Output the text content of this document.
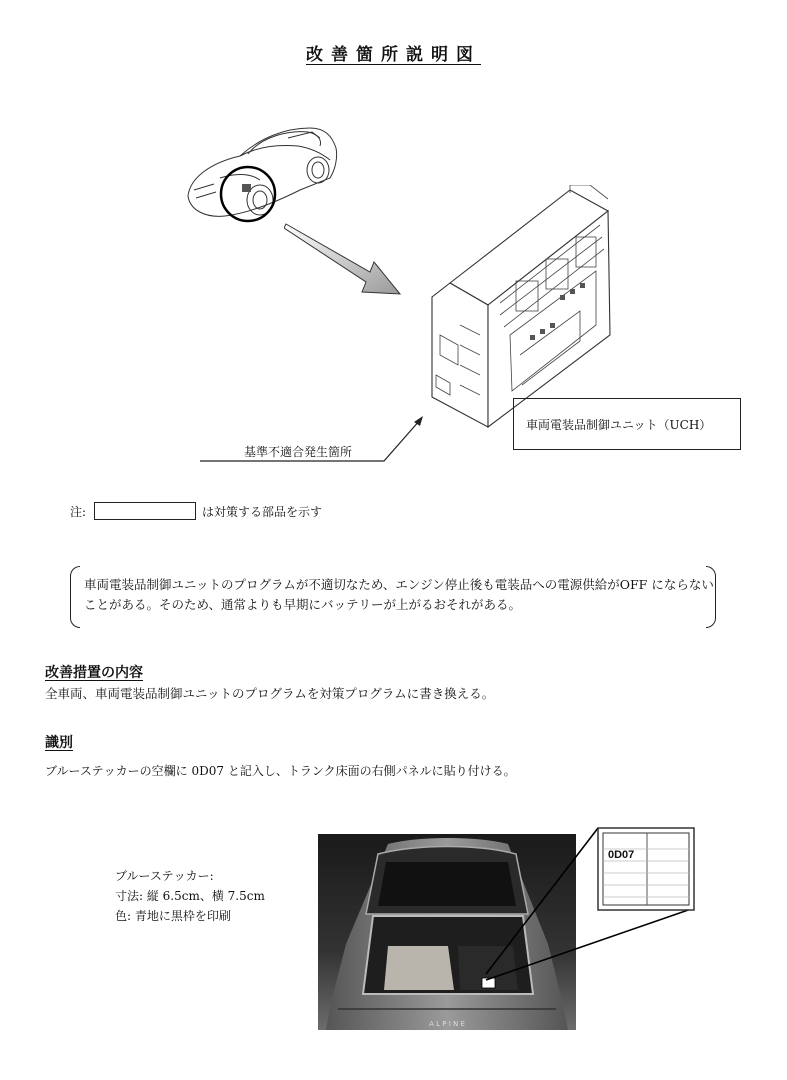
改善箇所説明図
基準不適合発生箇所
車両電装品制御ユニット（UCH）
注:	は対策する部品を示す
車両電装品制御ユニットのプログラムが不適切なため、エンジン停止後も電装品への電源供給がOFF にならないことがある。そのため、通常よりも早期にバッテリーが上がるおそれがある。
改善措置の内容
全車両、車両電装品制御ユニットのプログラムを対策プログラムに書き換える。
識別
ブルーステッカーの空欄に 0D07 と記入し、トランク床面の右側パネルに貼り付ける。
ブルーステッカー:
寸法: 縦 6.5cm、横 7.5cm
色: 青地に黒枠を印刷
A L P I N E
0D07
